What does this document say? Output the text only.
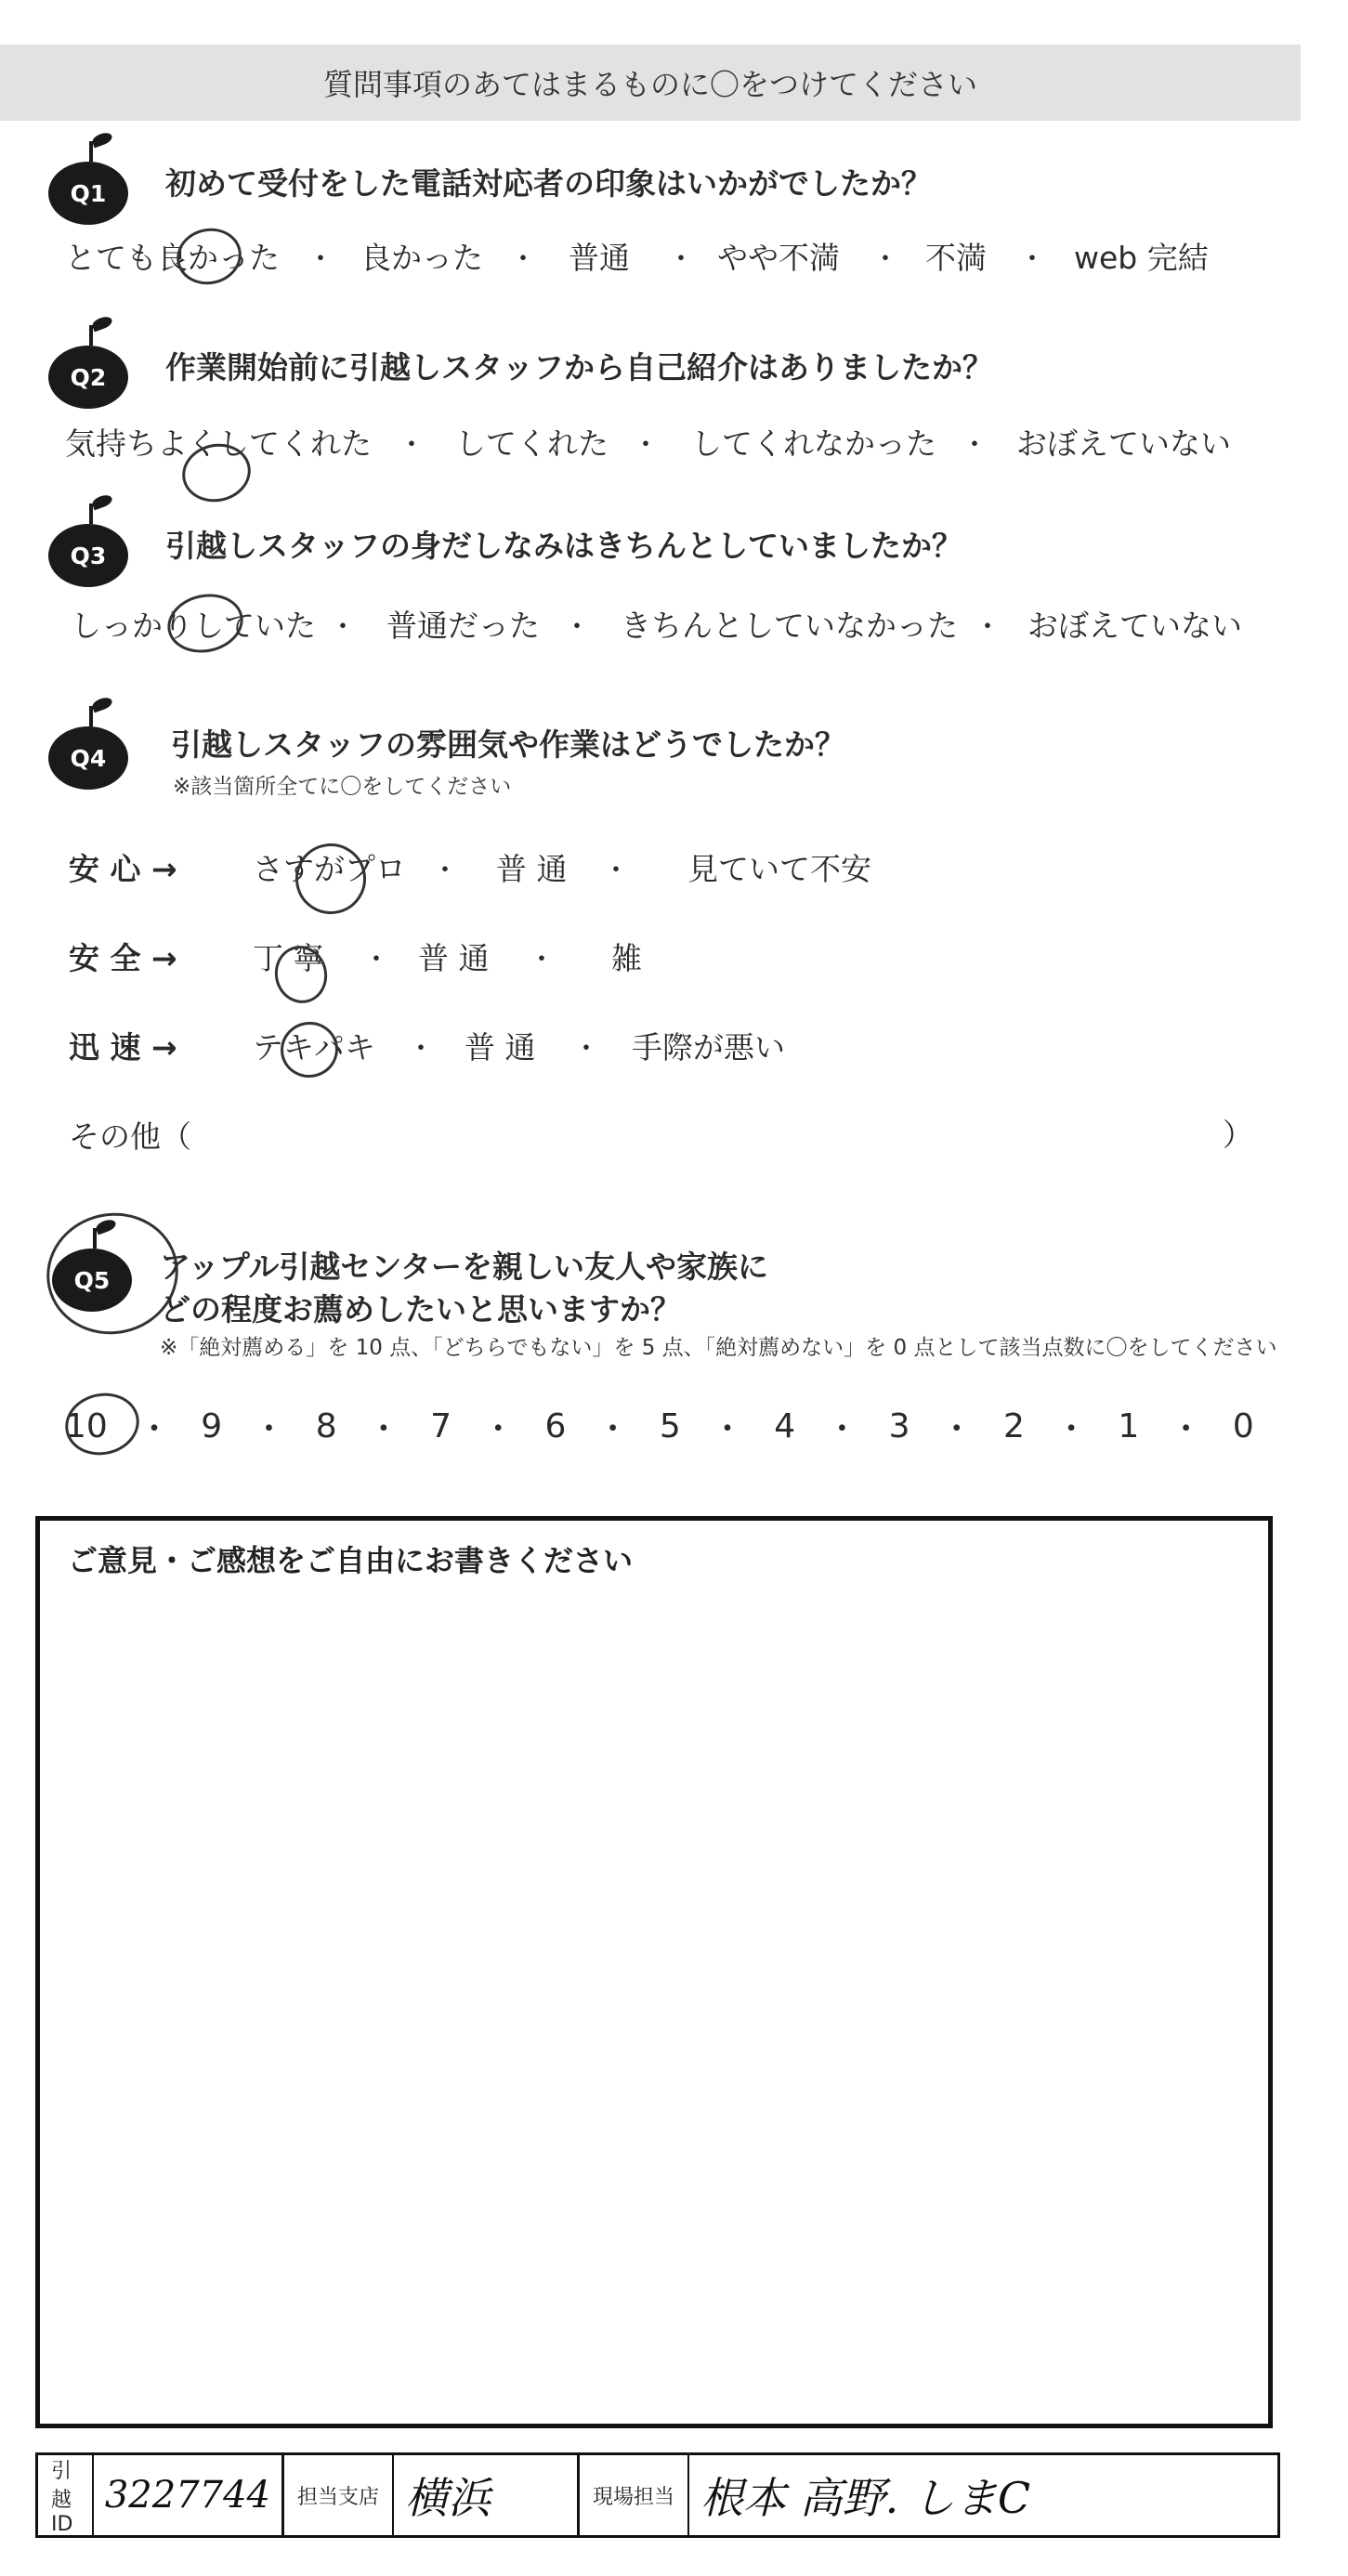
質問事項のあてはまるものに〇をつけてください
Q1 初めて受付をした電話対応者の印象はいかがでしたか？
とても良かった ・ 良かった ・ 普通 ・ やや不満 ・ 不満 ・ web 完結
Q2 作業開始前に引越しスタッフから自己紹介はありましたか？
気持ちよくしてくれた ・ してくれた ・ してくれなかった ・ おぼえていない
Q3 引越しスタッフの身だしなみはきちんとしていましたか？
しっかりしていた ・ 普通だった ・ きちんとしていなかった ・ おぼえていない
Q4 引越しスタッフの雰囲気や作業はどうでしたか？
※該当箇所全てに〇をしてください
安 心 → さすがプロ ・ 普 通 ・ 見ていて不安
安 全 → 丁 寧 ・ 普 通 ・ 雑
迅 速 → テキパキ ・ 普 通 ・ 手際が悪い
その他（	）
Q5 アップル引越センターを親しい友人や家族に
どの程度お薦めしたいと思いますか？
※「絶対薦める」を 10 点、「どちらでもない」を 5 点、「絶対薦めない」を 0 点として該当点数に〇をしてください
10 ・ 9 ・ 8 ・ 7 ・ 6 ・ 5 ・ 4 ・ 3 ・ 2 ・ 1 ・ 0
ご意見・ご感想をご自由にお書きください
引越 ID
3227744	担当支店 横浜	現場担当 根本 高野. しまC
